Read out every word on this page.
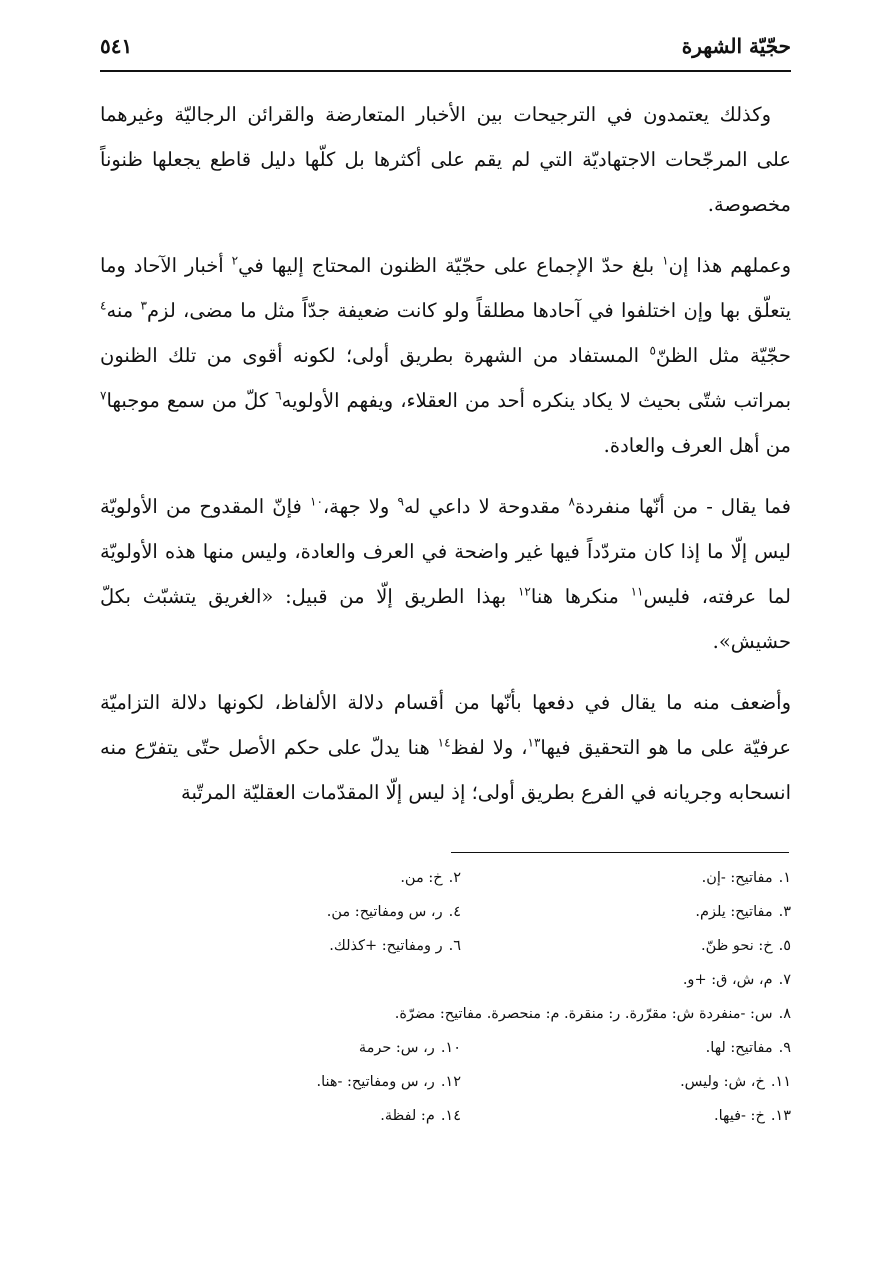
حجّيّة الشهرة
٥٤١

وكذلك يعتمدون في الترجيحات بين الأخبار المتعارضة والقرائن الرجاليّة وغيرهما على المرجّحات الاجتهاديّة التي لم يقم على أكثرها بل كلّها دليل قاطع يجعلها ظنوناً مخصوصة.

وعملهم هذا إن$^١$ بلغ حدّ الإجماع على حجّيّة الظنون المحتاج إليها في$^٢$ أخبار الآحاد وما يتعلّق بها وإن اختلفوا في آحادها مطلقاً ولو كانت ضعيفة جدّاً مثل ما مضى، لزم$^٣$ منه$^٤$ حجّيّة مثل الظنّ$^٥$ المستفاد من الشهرة بطريق أولى؛ لكونه أقوى من تلك الظنون بمراتب شتّى بحيث لا يكاد ينكره أحد من العقلاء، ويفهم الأولويه$^٦$ كلّ من سمع موجبها$^٧$ من أهل العرف والعادة.

فما يقال - من أنّها منفردة$^٨$ مقدوحة لا داعي له$^٩$ ولا جهة،$^{١٠}$ فإنّ المقدوح من الأولويّة ليس إلّا ما إذا كان متردّداً فيها غير واضحة في العرف والعادة، وليس منها هذه الأولويّة لما عرفته، فليس$^{١١}$ منكرها هنا$^{١٢}$ بهذا الطريق إلّا من قبيل: «الغريق يتشبّث بكلّ حشيش».

وأضعف منه ما يقال في دفعها بأنّها من أقسام دلالة الألفاظ، لكونها دلالة التزاميّة عرفيّة على ما هو التحقيق فيها$^{١٣}$، ولا لفظ$^{١٤}$ هنا يدلّ على حكم الأصل حتّى يتفرّع منه انسحابه وجريانه في الفرع بطريق أولى؛ إذ ليس إلّا المقدّمات العقليّة المرتّبة

١.مفاتيح: -إن.
٢.خ: من.
٣.مفاتيح: يلزم.
٤.ر، س ومفاتيح: من.
٥.خ: نحو ظنّ.
٦.ر ومفاتيح: +كذلك.
٧.م، ش، ق: +و.
٨.س: -منفردة ش: مقرّرة. ر: منقرة. م: منحصرة. مفاتيح: مضرّة.
٩.مفاتيح: لها.
١٠.ر، س: حرمة
١١.خ، ش: وليس.
١٢.ر، س ومفاتيح: -هنا.
١٣.خ: -فيها.
١٤.م: لفظة.
